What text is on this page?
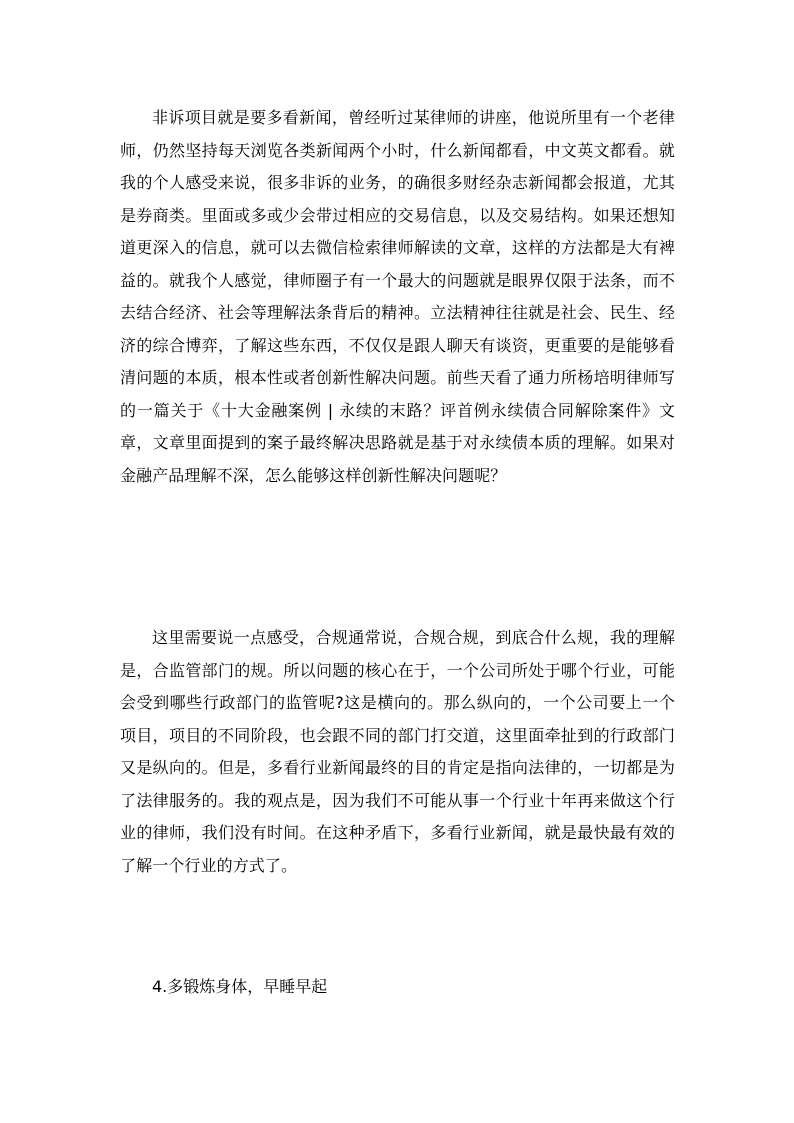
非诉项目就是要多看新闻，曾经听过某律师的讲座，他说所里有一个老律师，仍然坚持每天浏览各类新闻两个小时，什么新闻都看，中文英文都看。就我的个人感受来说，很多非诉的业务，的确很多财经杂志新闻都会报道，尤其是券商类。里面或多或少会带过相应的交易信息，以及交易结构。如果还想知道更深入的信息，就可以去微信检索律师解读的文章，这样的方法都是大有裨益的。就我个人感觉，律师圈子有一个最大的问题就是眼界仅限于法条，而不去结合经济、社会等理解法条背后的精神。立法精神往往就是社会、民生、经济的综合博弈，了解这些东西，不仅仅是跟人聊天有谈资，更重要的是能够看清问题的本质，根本性或者创新性解决问题。前些天看了通力所杨培明律师写的一篇关于《十大金融案例 | 永续的末路？评首例永续债合同解除案件》文章，文章里面提到的案子最终解决思路就是基于对永续债本质的理解。如果对金融产品理解不深，怎么能够这样创新性解决问题呢？

这里需要说一点感受，合规通常说，合规合规，到底合什么规，我的理解是，合监管部门的规。所以问题的核心在于，一个公司所处于哪个行业，可能会受到哪些行政部门的监管呢?这是横向的。那么纵向的，一个公司要上一个项目，项目的不同阶段，也会跟不同的部门打交道，这里面牵扯到的行政部门又是纵向的。但是，多看行业新闻最终的目的肯定是指向法律的，一切都是为了法律服务的。我的观点是，因为我们不可能从事一个行业十年再来做这个行业的律师，我们没有时间。在这种矛盾下，多看行业新闻，就是最快最有效的了解一个行业的方式了。

4.多锻炼身体，早睡早起
